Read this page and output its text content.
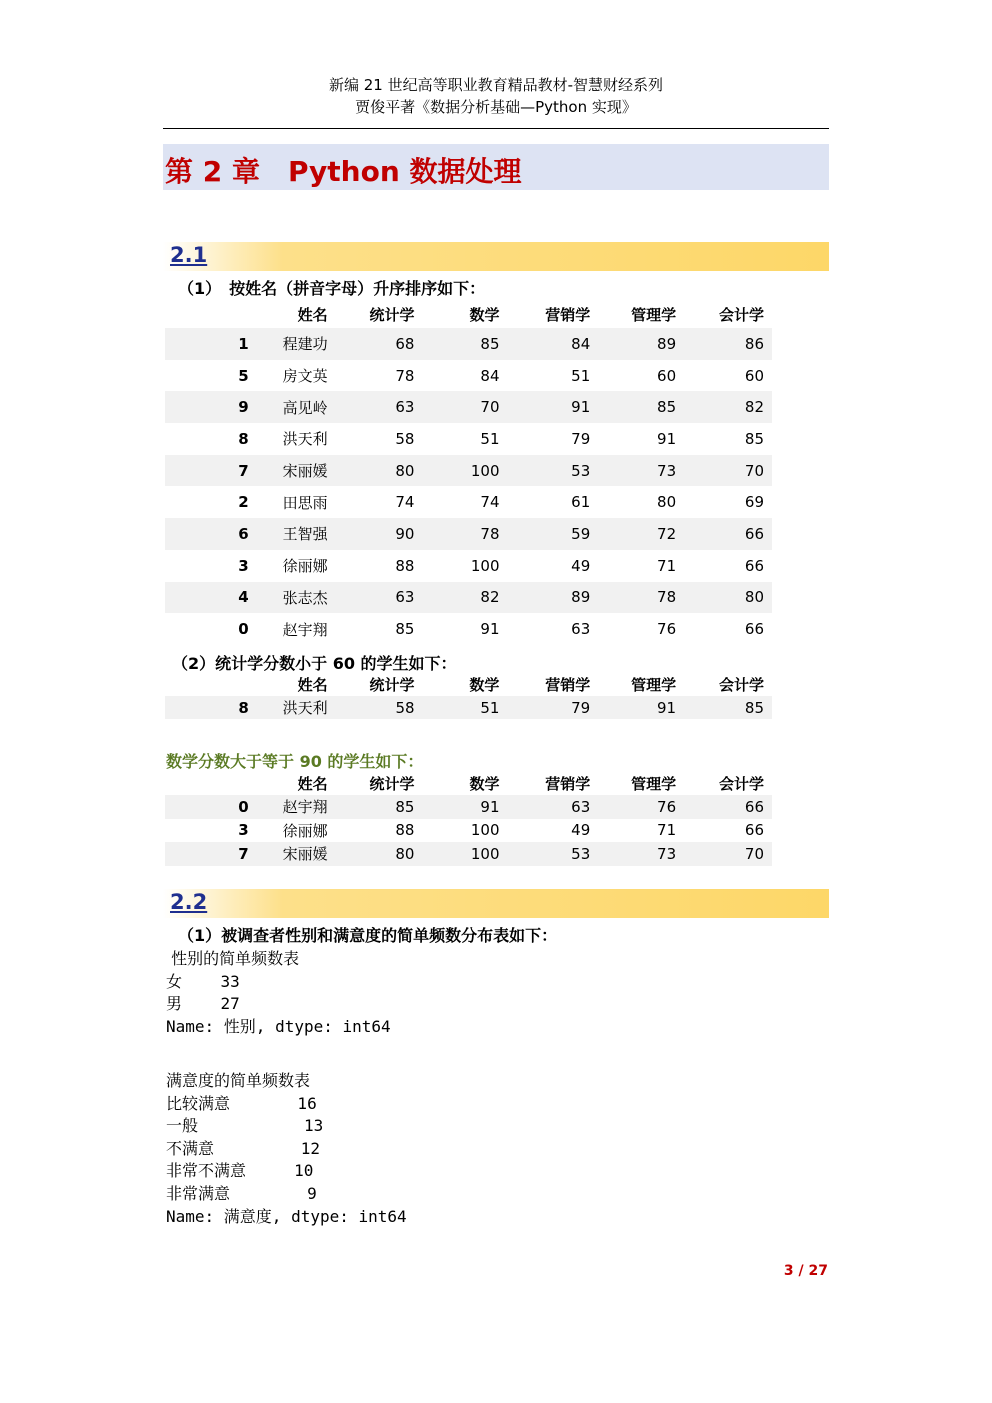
新编 21 世纪高等职业教育精品教材-智慧财经系列
贾俊平著《数据分析基础—Python 实现》
第 2 章　Python 数据处理
2.1
（1）　按姓名（拼音字母）升序排序如下：
	姓名	统计学	数学	营销学	管理学	会计学
1	程建功	68	85	84	89	86
5	房文英	78	84	51	60	60
9	高见岭	63	70	91	85	82
8	洪天利	58	51	79	91	85
7	宋丽媛	80	100	53	73	70
2	田思雨	74	74	61	80	69
6	王智强	90	78	59	72	66
3	徐丽娜	88	100	49	71	66
4	张志杰	63	82	89	78	80
0	赵宇翔	85	91	63	76	66
（2）统计学分数小于 60 的学生如下：
	姓名	统计学	数学	营销学	管理学	会计学
8	洪天利	58	51	79	91	85
数学分数大于等于 90 的学生如下：
	姓名	统计学	数学	营销学	管理学	会计学
0	赵宇翔	85	91	63	76	66
3	徐丽娜	88	100	49	71	66
7	宋丽媛	80	100	53	73	70
2.2
（1）被调查者性别和满意度的简单频数分布表如下：
性别的简单频数表
女    33
男    27
Name: 性别, dtype: int64
满意度的简单频数表
比较满意       16
一般           13
不满意         12
非常不满意     10
非常满意        9
Name: 满意度, dtype: int64
3 / 27
